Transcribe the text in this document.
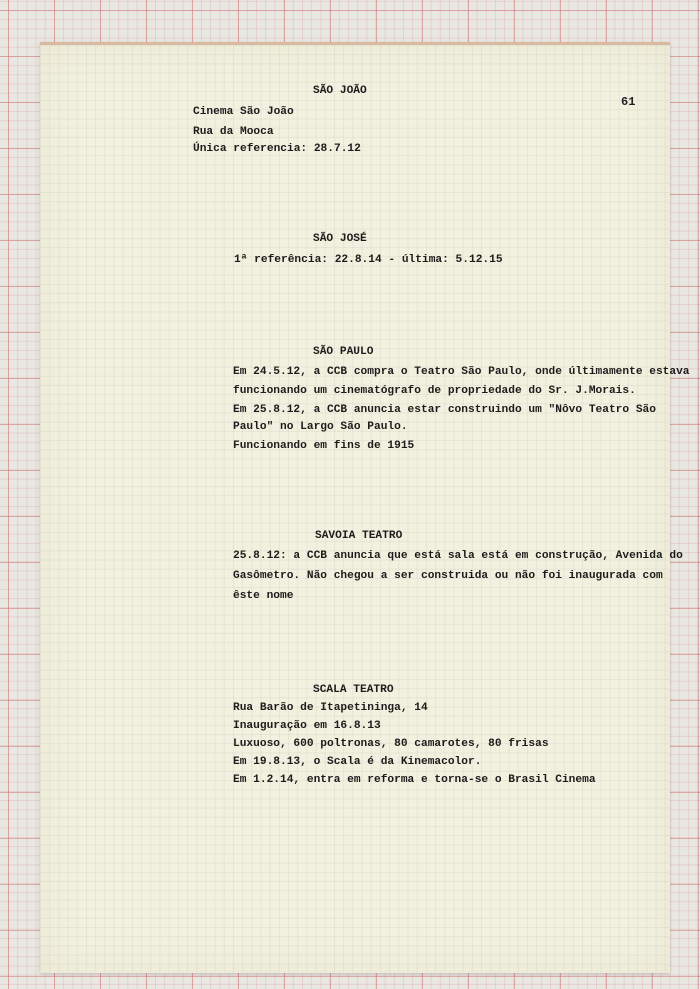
61
SÃO JOÃO
Cinema São João
Rua da Mooca
Única referencia: 28.7.12
SÃO JOSÉ
1ª referência: 22.8.14 - última: 5.12.15
SÃO PAULO
Em 24.5.12, a CCB compra o Teatro São Paulo, onde últimamente estava
funcionando um cinematógrafo de propriedade do Sr. J.Morais.
Em 25.8.12, a CCB anuncia estar construindo um "Nôvo Teatro São
Paulo" no Largo São Paulo.
Funcionando em fins de 1915
SAVOIA TEATRO
25.8.12: a CCB anuncia que está sala está em construção, Avenida do
Gasômetro. Não chegou a ser construida ou não foi inaugurada com
êste nome
SCALA TEATRO
Rua Barão de Itapetininga, 14
Inauguração em 16.8.13
Luxuoso, 600 poltronas, 80 camarotes, 80 frisas
Em 19.8.13, o Scala é da Kinemacolor.
Em 1.2.14, entra em reforma e torna-se o Brasil Cinema
